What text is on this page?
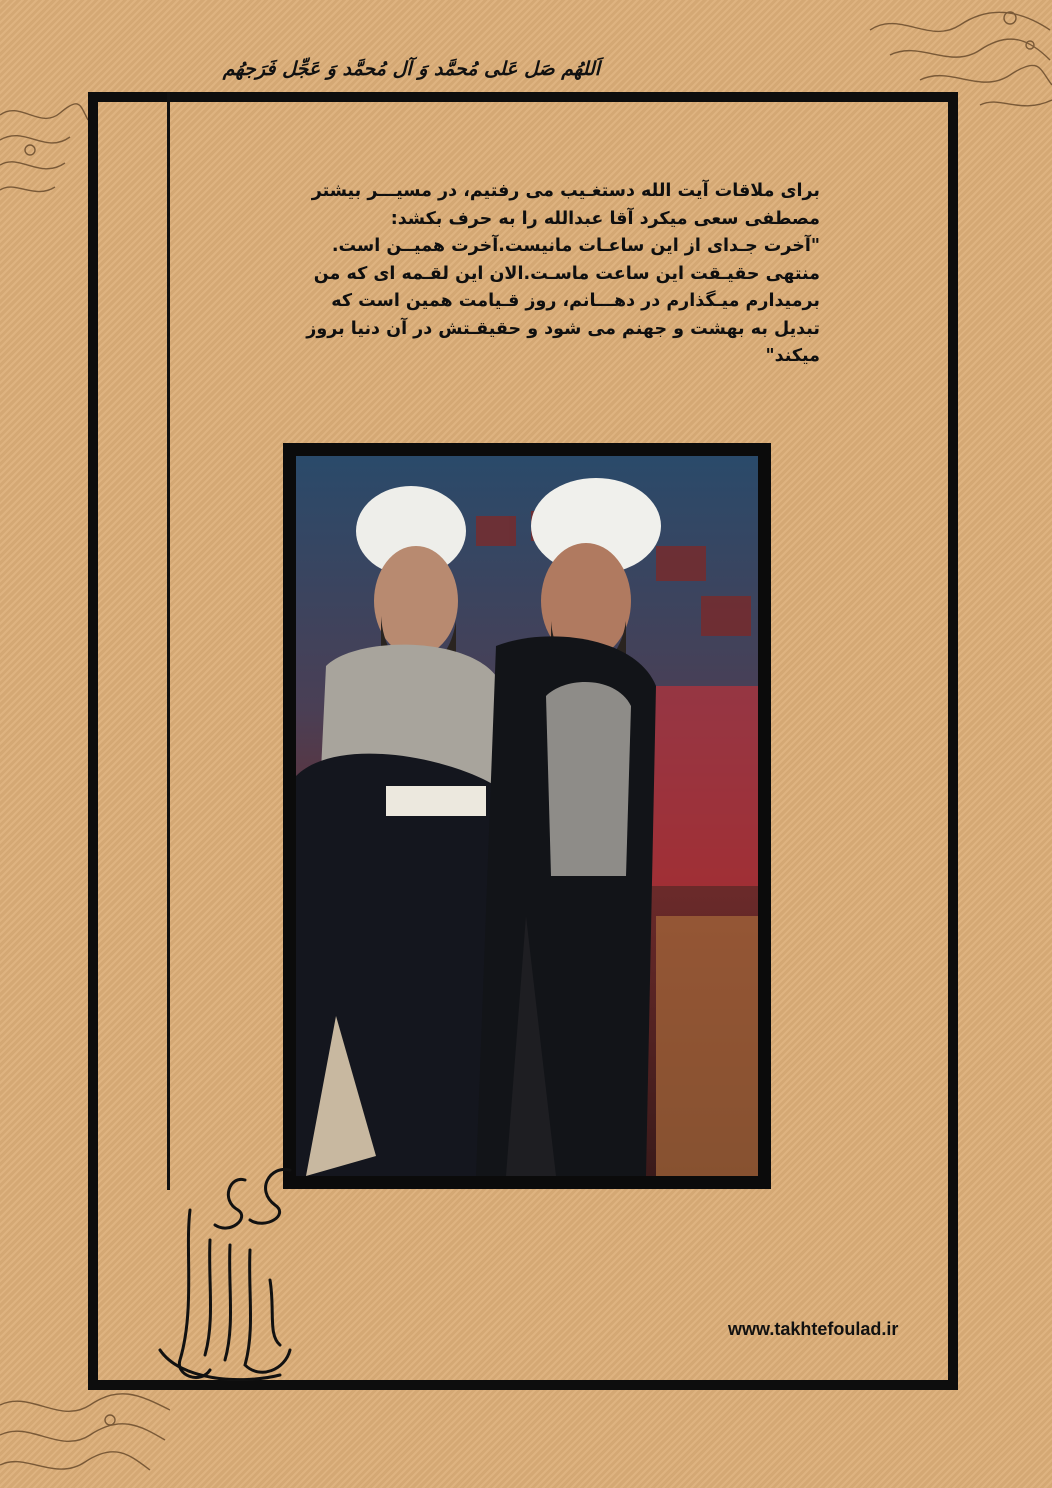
اَللهُم صَل عَلی مُحمَّد وَ آل مُحمَّد وَ عَجِّل فَرَجهُم

برای ملاقات آیت الله دستغـیب می رفتیم، در مسیـــر بیشتر

مصطفی سعی میکرد آقا عبدالله را به حرف بکشد:

"آخرت جـدای از این ساعـات مانیست.آخرت همیــن است.

منتهی حقیـقت این ساعت ماسـت.الان این لقـمه ای که من

برمیدارم میـگذارم در دهـــانم، روز قـیامت همین است که

تبدیل به بهشت و جهنم می شود و حقیقـتش در آن دنیا بروز

میکند"

www.takhtefoulad.ir
